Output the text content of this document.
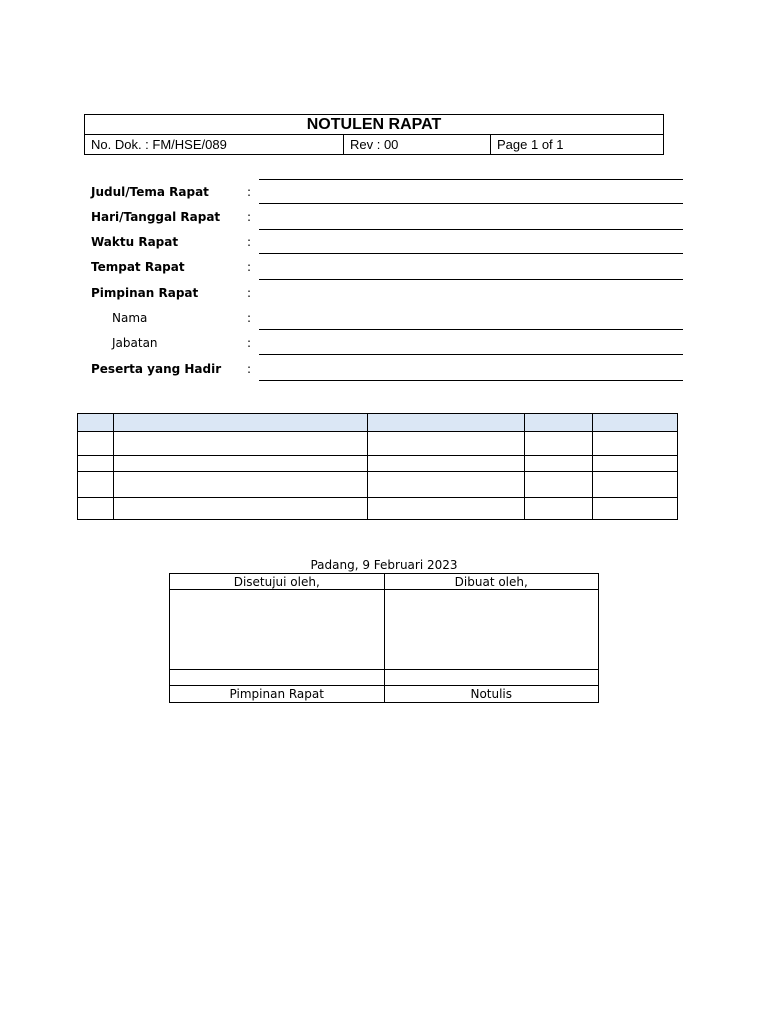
NOTULEN RAPAT
No. Dok. : FM/HSE/089	Rev : 00	Page 1 of 1
Judul/Tema Rapat	:
Hari/Tanggal Rapat :
Waktu Rapat	:
Tempat Rapat	:
Pimpinan Rapat	:
Nama	:
Jabatan	:
Peserta yang Hadir :

Padang, 9 Februari 2023
Disetujui oleh,	Dibuat oleh,

Pimpinan Rapat	Notulis
